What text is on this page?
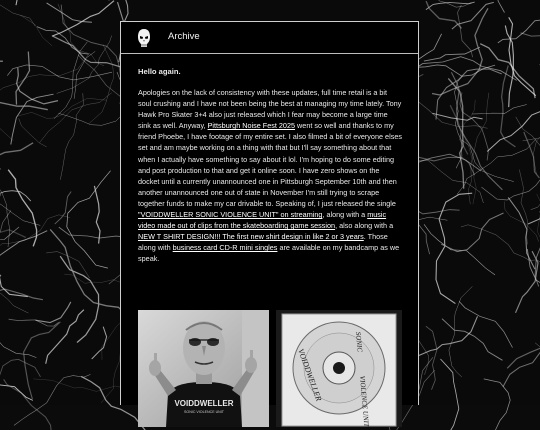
Archive

Hello again.

Apologies on the lack of consistency with these updates, full time retail is a bit soul crushing and I have not been being the best at managing my time lately. Tony Hawk Pro Skater 3+4 also just released which I fear may become a large time sink as well. Anyway, Pittsburgh Noise Fest 2025 went so well and thanks to my friend Phoebe, I have footage of my entire set. I also filmed a bit of everyone elses set and am maybe working on a thing with that but I'll say something about that when I actually have something to say about it lol. I'm hoping to do some editing and post production to that and get it online soon. I have zero shows on the docket until a currently unannounced one in Pittsburgh September 10th and then another unannounced one out of state in November I'm still trying to scrape together funds to make my car drivable to. Speaking of, I just released the single "VOIDDWELLER SONIC VIOLENCE UNIT" on streaming, along with a music video made out of clips from the skateboarding game session, also along with a NEW T SHIRT DESIGN!!! The first new shirt design in like 2 or 3 years. Those along with business card CD-R mini singles are available on my bandcamp as we speak.

VOIDDWELLER
SONIC VIOLENCE UNIT
VOIDDWELLER
SONIC
VIOLENCE UNIT
